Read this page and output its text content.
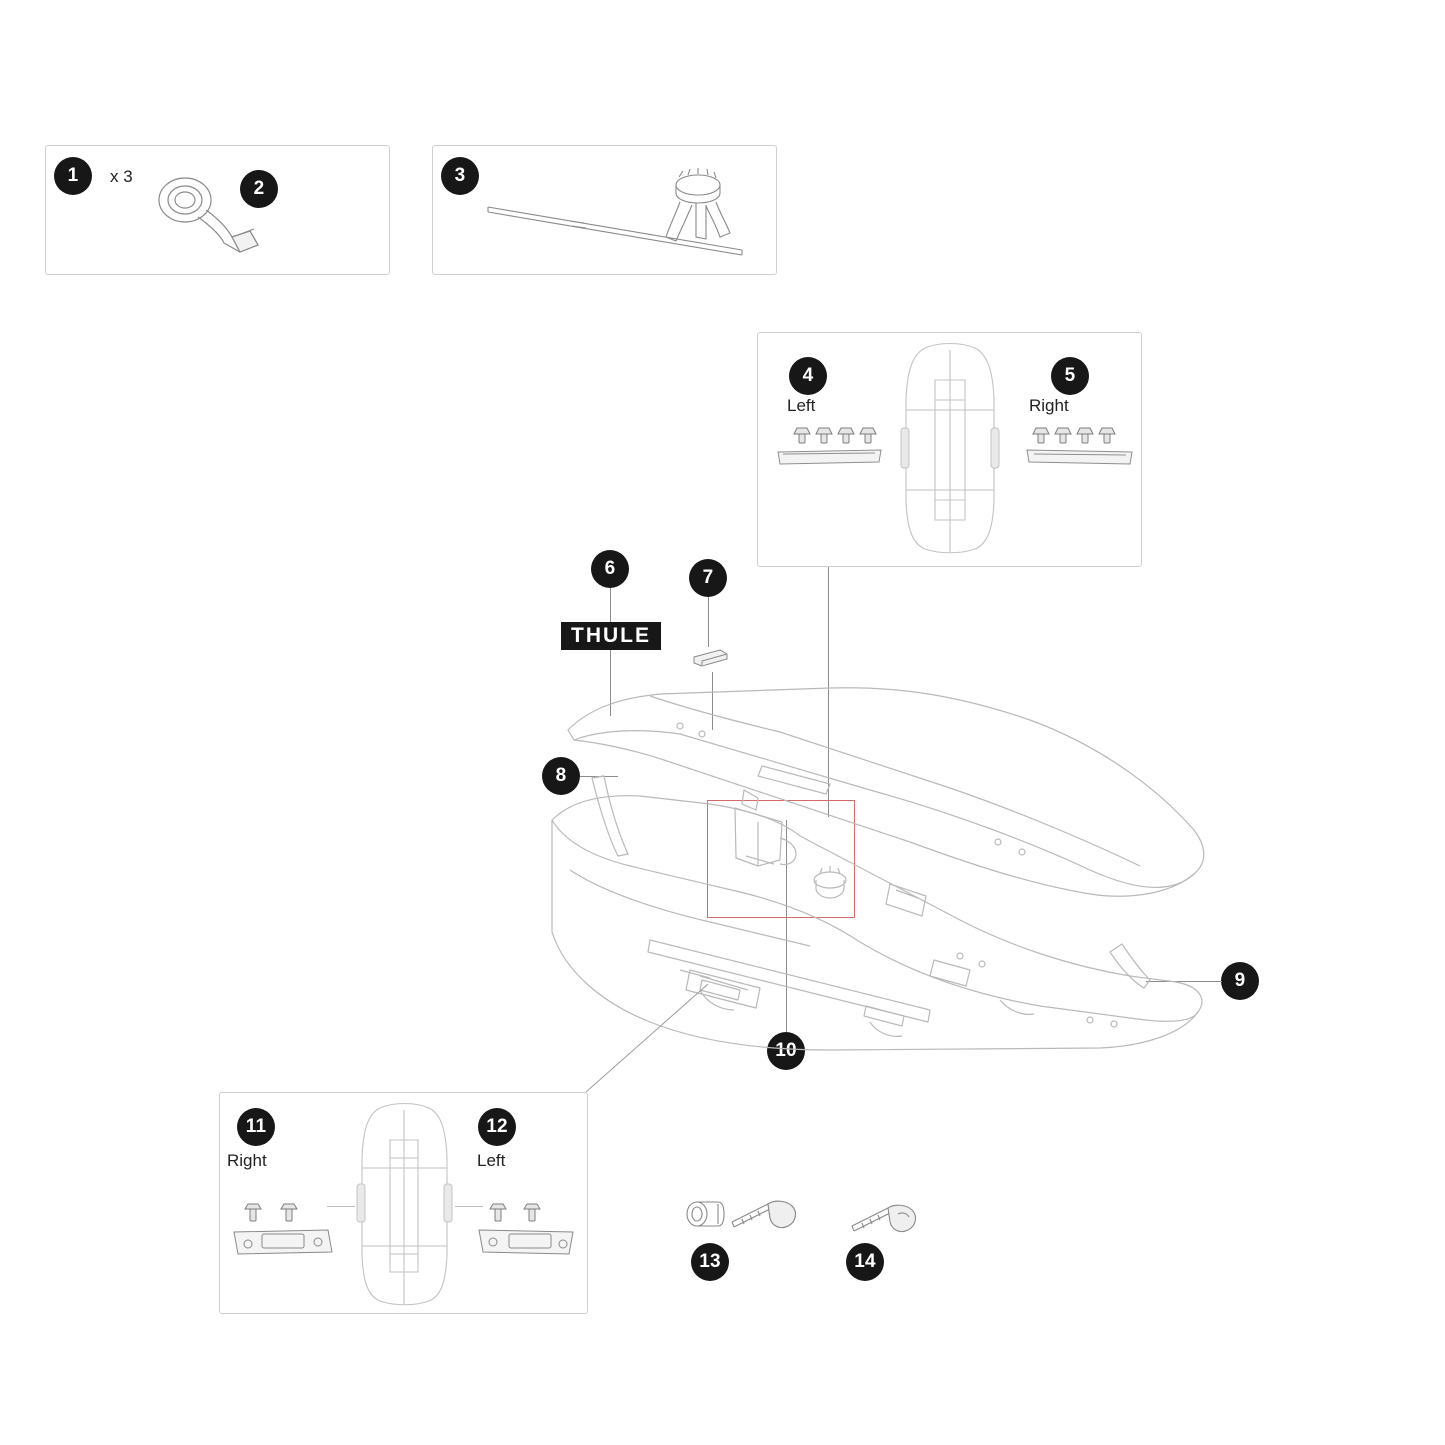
1 x 3
2
3
4
Left
5
Right
6
THULE
7
8
9
10
11
Right
12
Left
13	14
